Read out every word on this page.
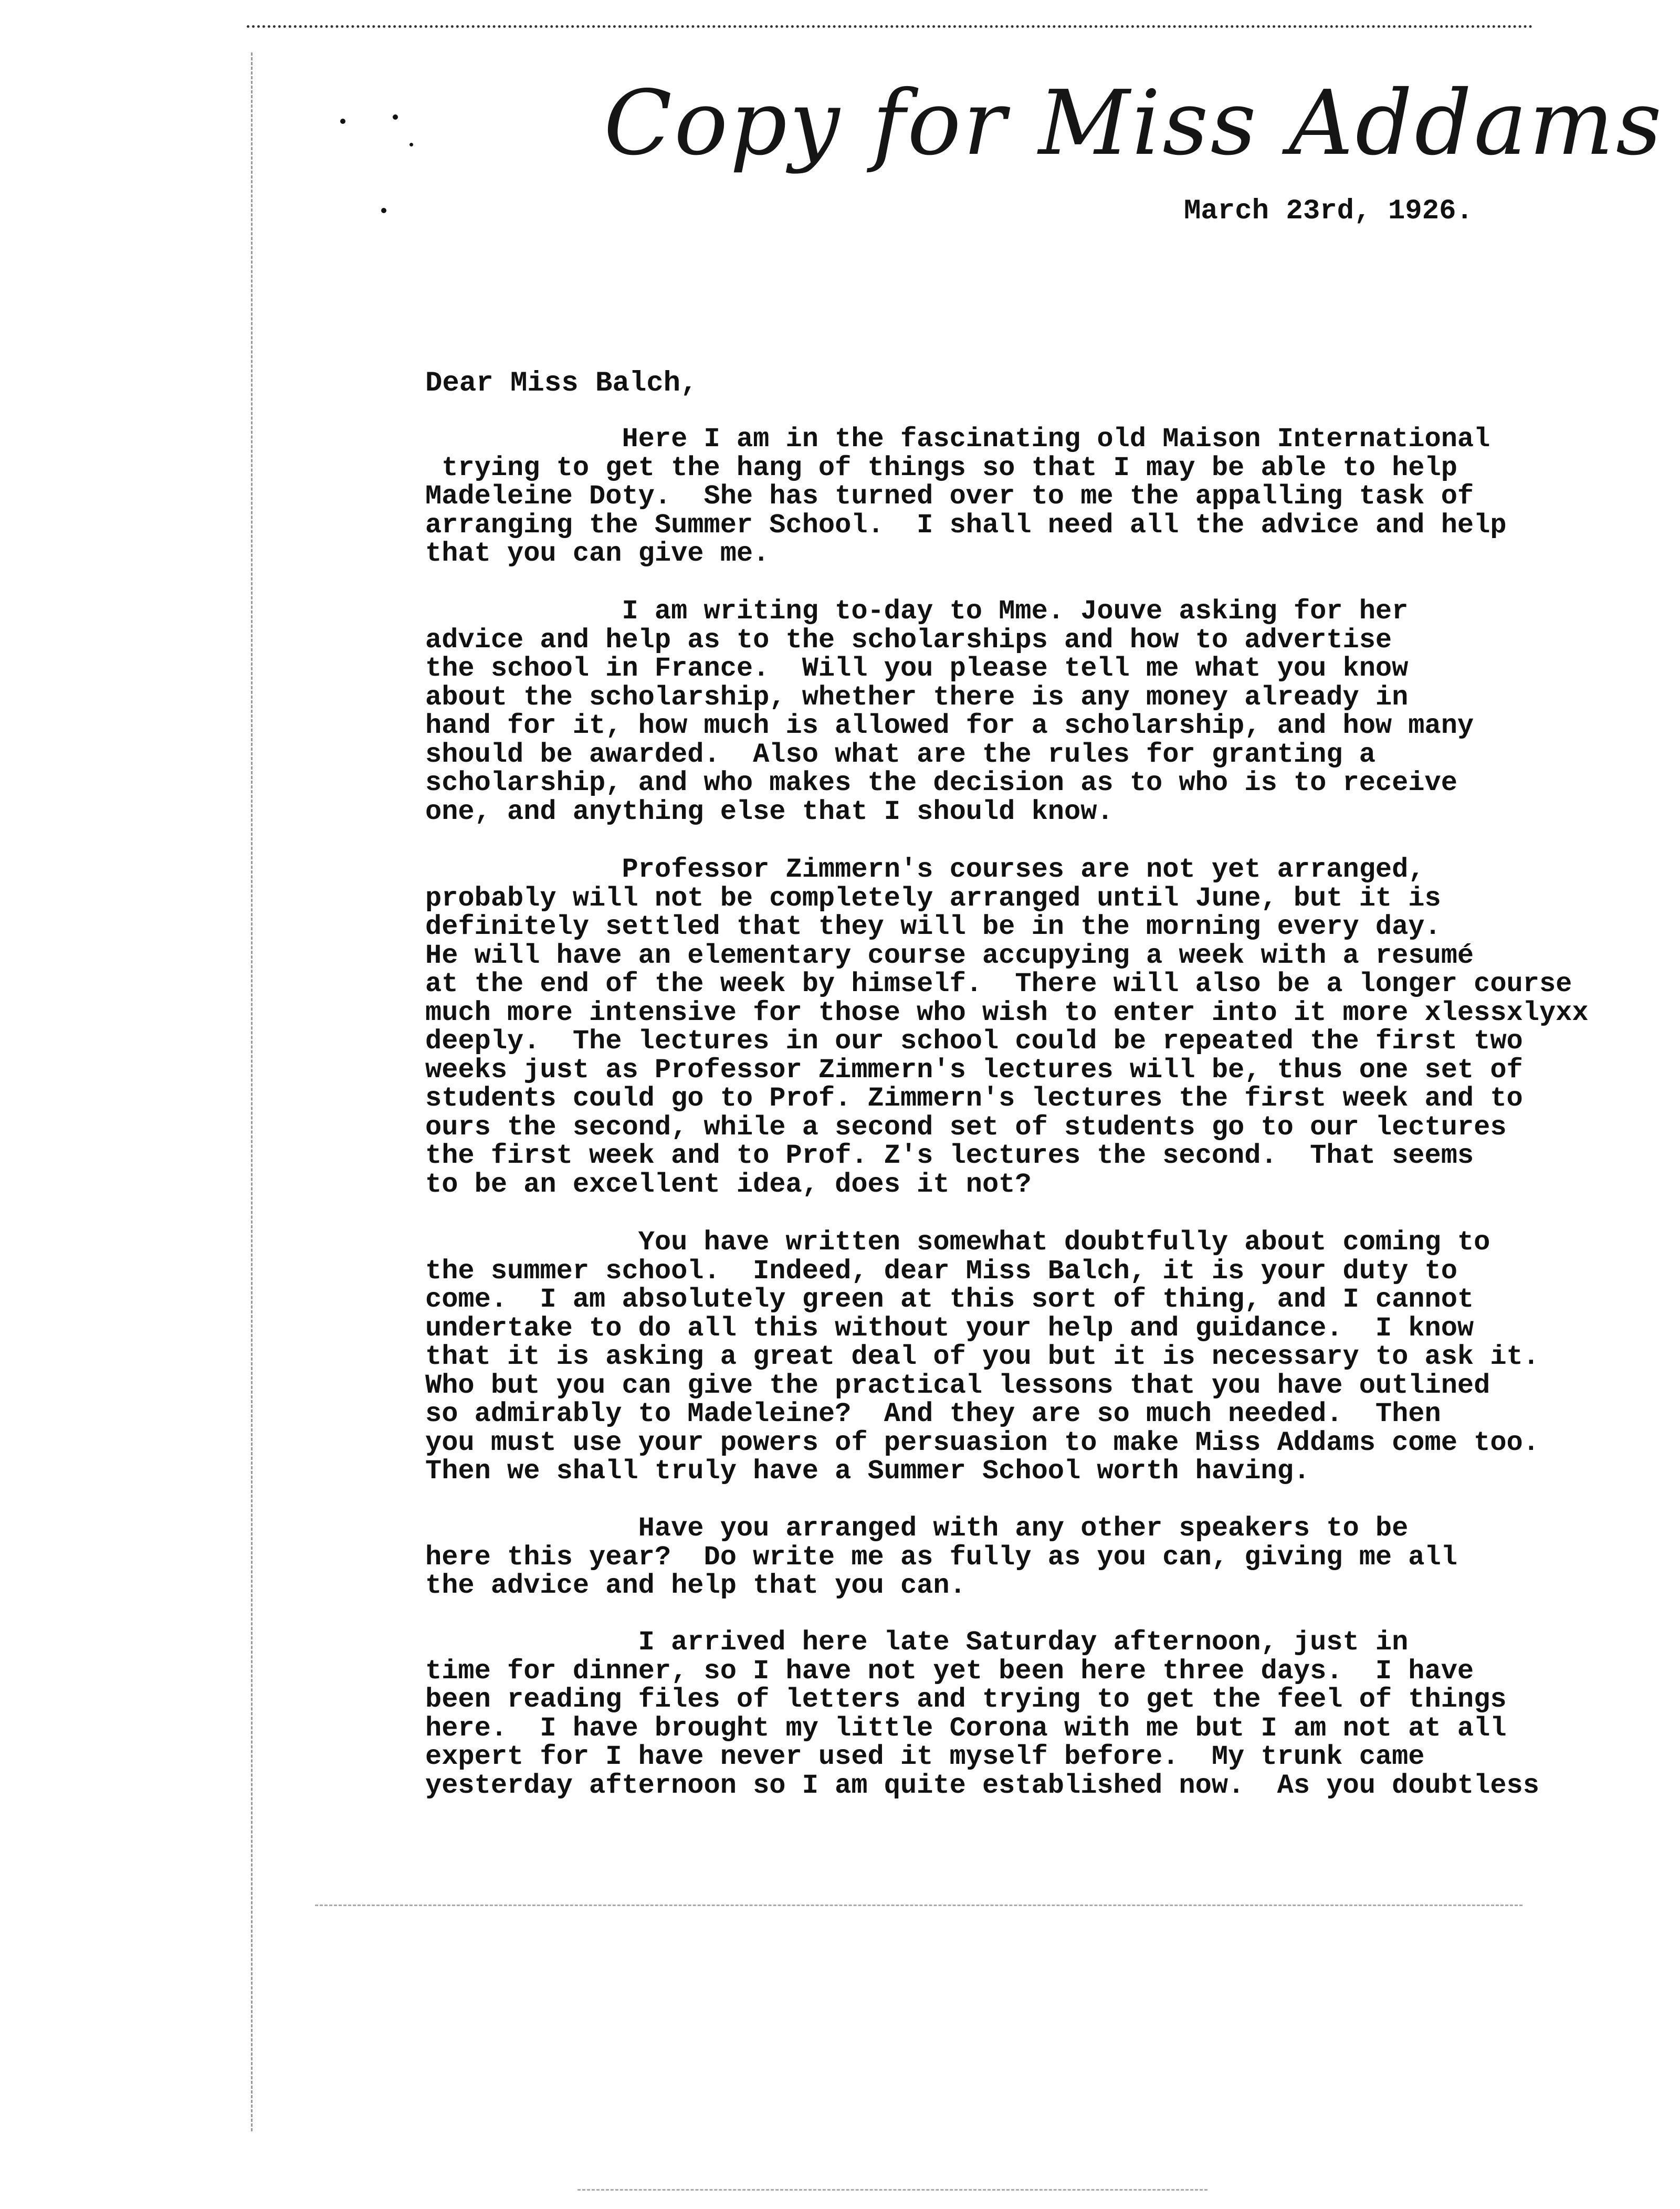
Copy for Miss Addams
March 23rd, 1926.
Dear Miss Balch,
Here I am in the fascinating old Maison International
trying to get the hang of things so that I may be able to help
Madeleine Doty.  She has turned over to me the appalling task of
arranging the Summer School.  I shall need all the advice and help
that you can give me.
I am writing to-day to Mme. Jouve asking for her
advice and help as to the scholarships and how to advertise
the school in France.  Will you please tell me what you know
about the scholarship, whether there is any money already in
hand for it, how much is allowed for a scholarship, and how many
should be awarded.  Also what are the rules for granting a
scholarship, and who makes the decision as to who is to receive
one, and anything else that I should know.
Professor Zimmern's courses are not yet arranged,
probably will not be completely arranged until June, but it is
definitely settled that they will be in the morning every day.
He will have an elementary course accupying a week with a resumé
at the end of the week by himself.  There will also be a longer course
much more intensive for those who wish to enter into it more xlessxlyxx
deeply.  The lectures in our school could be repeated the first two
weeks just as Professor Zimmern's lectures will be, thus one set of
students could go to Prof. Zimmern's lectures the first week and to
ours the second, while a second set of students go to our lectures
the first week and to Prof. Z's lectures the second.  That seems
to be an excellent idea, does it not?
You have written somewhat doubtfully about coming to
the summer school.  Indeed, dear Miss Balch, it is your duty to
come.  I am absolutely green at this sort of thing, and I cannot
undertake to do all this without your help and guidance.  I know
that it is asking a great deal of you but it is necessary to ask it.
Who but you can give the practical lessons that you have outlined
so admirably to Madeleine?  And they are so much needed.  Then
you must use your powers of persuasion to make Miss Addams come too.
Then we shall truly have a Summer School worth having.
Have you arranged with any other speakers to be
here this year?  Do write me as fully as you can, giving me all
the advice and help that you can.
I arrived here late Saturday afternoon, just in
time for dinner, so I have not yet been here three days.  I have
been reading files of letters and trying to get the feel of things
here.  I have brought my little Corona with me but I am not at all
expert for I have never used it myself before.  My trunk came
yesterday afternoon so I am quite established now.  As you doubtless
